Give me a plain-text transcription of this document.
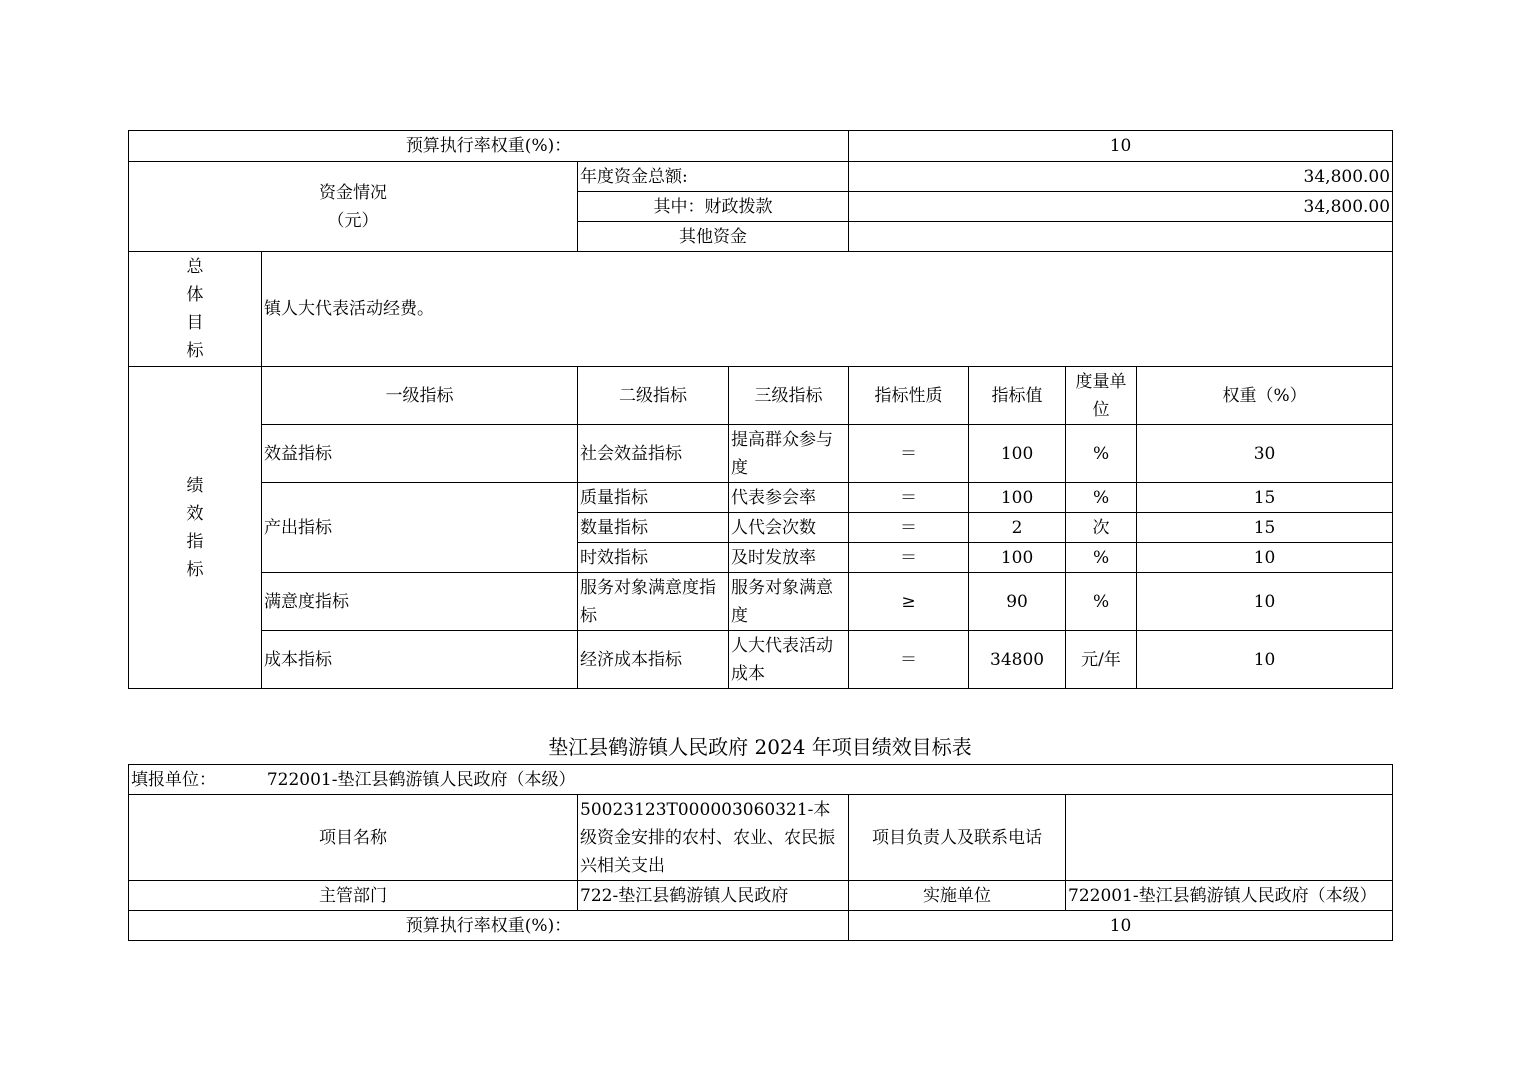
预算执行率权重(%)：				10			
资金情况
（元）		年度资金总额:		34,800.00			
		其中：财政拨款		34,800.00			
		其他资金					

总
体
目
标	镇人大代表活动经费。						

绩
效
指
标	一级指标	二级指标	三级指标	指标性质	指标值	度量单位	权重（%）
	效益指标	社会效益指标	提高群众参与度	＝	100	%	30
	产出指标	质量指标	代表参会率	＝	100	%	15
		数量指标	人代会次数	＝	2	次	15
		时效指标	及时发放率	＝	100	%	10
	满意度指标	服务对象满意度指标	服务对象满意度	≥	90	%	10
	成本指标	经济成本指标	人大代表活动成本	＝	34800	元/年	10
垫江县鹤游镇人民政府 2024 年项目绩效目标表
填报单位： 722001-垫江县鹤游镇人民政府（本级）			
项目名称	50023123T000003060321-本级资金安排的农村、农业、农民振兴相关支出	项目负责人及联系电话	
主管部门	722-垫江县鹤游镇人民政府	实施单位	722001-垫江县鹤游镇人民政府（本级）
预算执行率权重(%)：		10	
